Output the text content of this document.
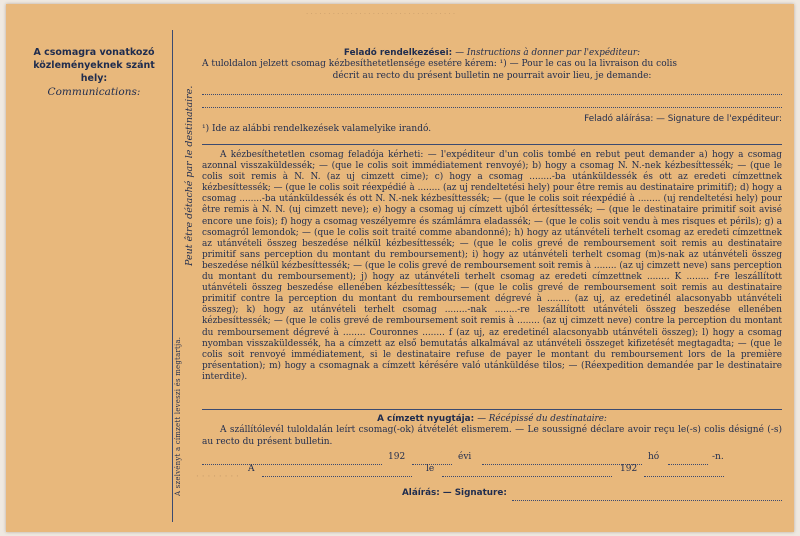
· · · · · · · · · · · · · · · · · · · · · · · · · · · · · · · · · ·
A csomagra vonatkozó
közleményeknek szánt hely:
Communications:
A szelvényt a címzett leveszi és megtartja.
Peut être détaché par le destinataire.
Feladó rendelkezései: — Instructions à donner par l'expéditeur:
A tuloldalon jelzett csomag kézbesíthetetlensége esetére kérem: ¹) — Pour le cas ou la livraison du colis
décrit au recto du présent bulletin ne pourrait avoir lieu, je demande:
Feladó aláírása: — Signature de l'expéditeur:
¹) Ide az alábbi rendelkezések valamelyike irandó.
A kézbesíthetetlen csomag feladója kérheti: — l'expéditeur d'un colis tombé en rebut peut demander a) hogy a csomag azonnal visszaküldessék; — (que le colis soit immédiatement renvoyé); b) hogy a csomag N. N.-nek kézbesíttessék; — (que le colis soit remis à N. N. (az uj cimzett cime); c) hogy a csomag ........-ba utánküldessék és ott az eredeti címzettnek kézbesíttessék; — (que le colis soit réexpédié à ........ (az uj rendeltetési hely) pour être remis au destinataire primitif); d) hogy a csomag ........-ba utánküldessék és ott N. N.-nek kézbesíttessék; — (que le colis soit réexpédié à ........ (uj rendeltetési hely) pour être remis à N. N. (uj cimzett neve); e) hogy a csomag uj címzett ujból értesíttessék; — (que le destinataire primitif soit avisé encore une fois); f) hogy a csomag veszélyemre és számlámra eladassék; — (que le colis soit vendu à mes risques et périls); g) a csomagról lemondok; — (que le colis soit traité comme abandonné); h) hogy az utánvételi terhelt csomag az eredeti címzettnek az utánvételi összeg beszedése nélkül kézbesíttessék; — (que le colis grevé de remboursement soit remis au destinataire primitif sans perception du montant du remboursement); i) hogy az utánvételi terhelt csomag (m)s-nak az utánvételi összeg beszedése nélkül kézbesíttessék; — (que le colis grevé de remboursement soit remis à ........ (az uj cimzett neve) sans perception du montant du remboursement); j) hogy az utánvételi terhelt csomag az eredeti címzettnek ........ K ........ f-re leszállított utánvételi összeg beszedése ellenében kézbesíttessék; — (que le colis grevé de remboursement soit remis au destinataire primitif contre la perception du montant du remboursement dégrevé à ........ (az uj, az eredetinél alacsonyabb utánvételi összeg); k) hogy az utánvételi terhelt csomag ........-nak ........-re leszállított utánvételi összeg beszedése ellenében kézbesíttessék; — (que le colis grevé de remboursement soit remis à ........ (az uj cimzett neve) contre la perception du montant du remboursement dégrevé à ........ Couronnes ........ f (az uj, az eredetinél alacsonyabb utánvételi összeg); l) hogy a csomag nyomban visszaküldessék, ha a címzett az első bemutatás alkalmával az utánvételi összeget kifizetését megtagadta; — (que le colis soit renvoyé immédiatement, si le destinataire refuse de payer le montant du remboursement lors de la première présentation); m) hogy a csomagnak a címzett kérésére való utánküldése tilos; — (Réexpedition demandée par le destinataire interdite).
A címzett nyugtája: — Récépissé du destinataire:
A szállítólevél tuloldalán leírt csomag(-ok) átvételét elismerem. — Le soussigné déclare avoir reçu le(-s) colis désigné (-s) au recto du présent bulletin.
192	évi	hó	-n.
A	le	192
Aláírás: — Signature:
· · · · · · · ·
